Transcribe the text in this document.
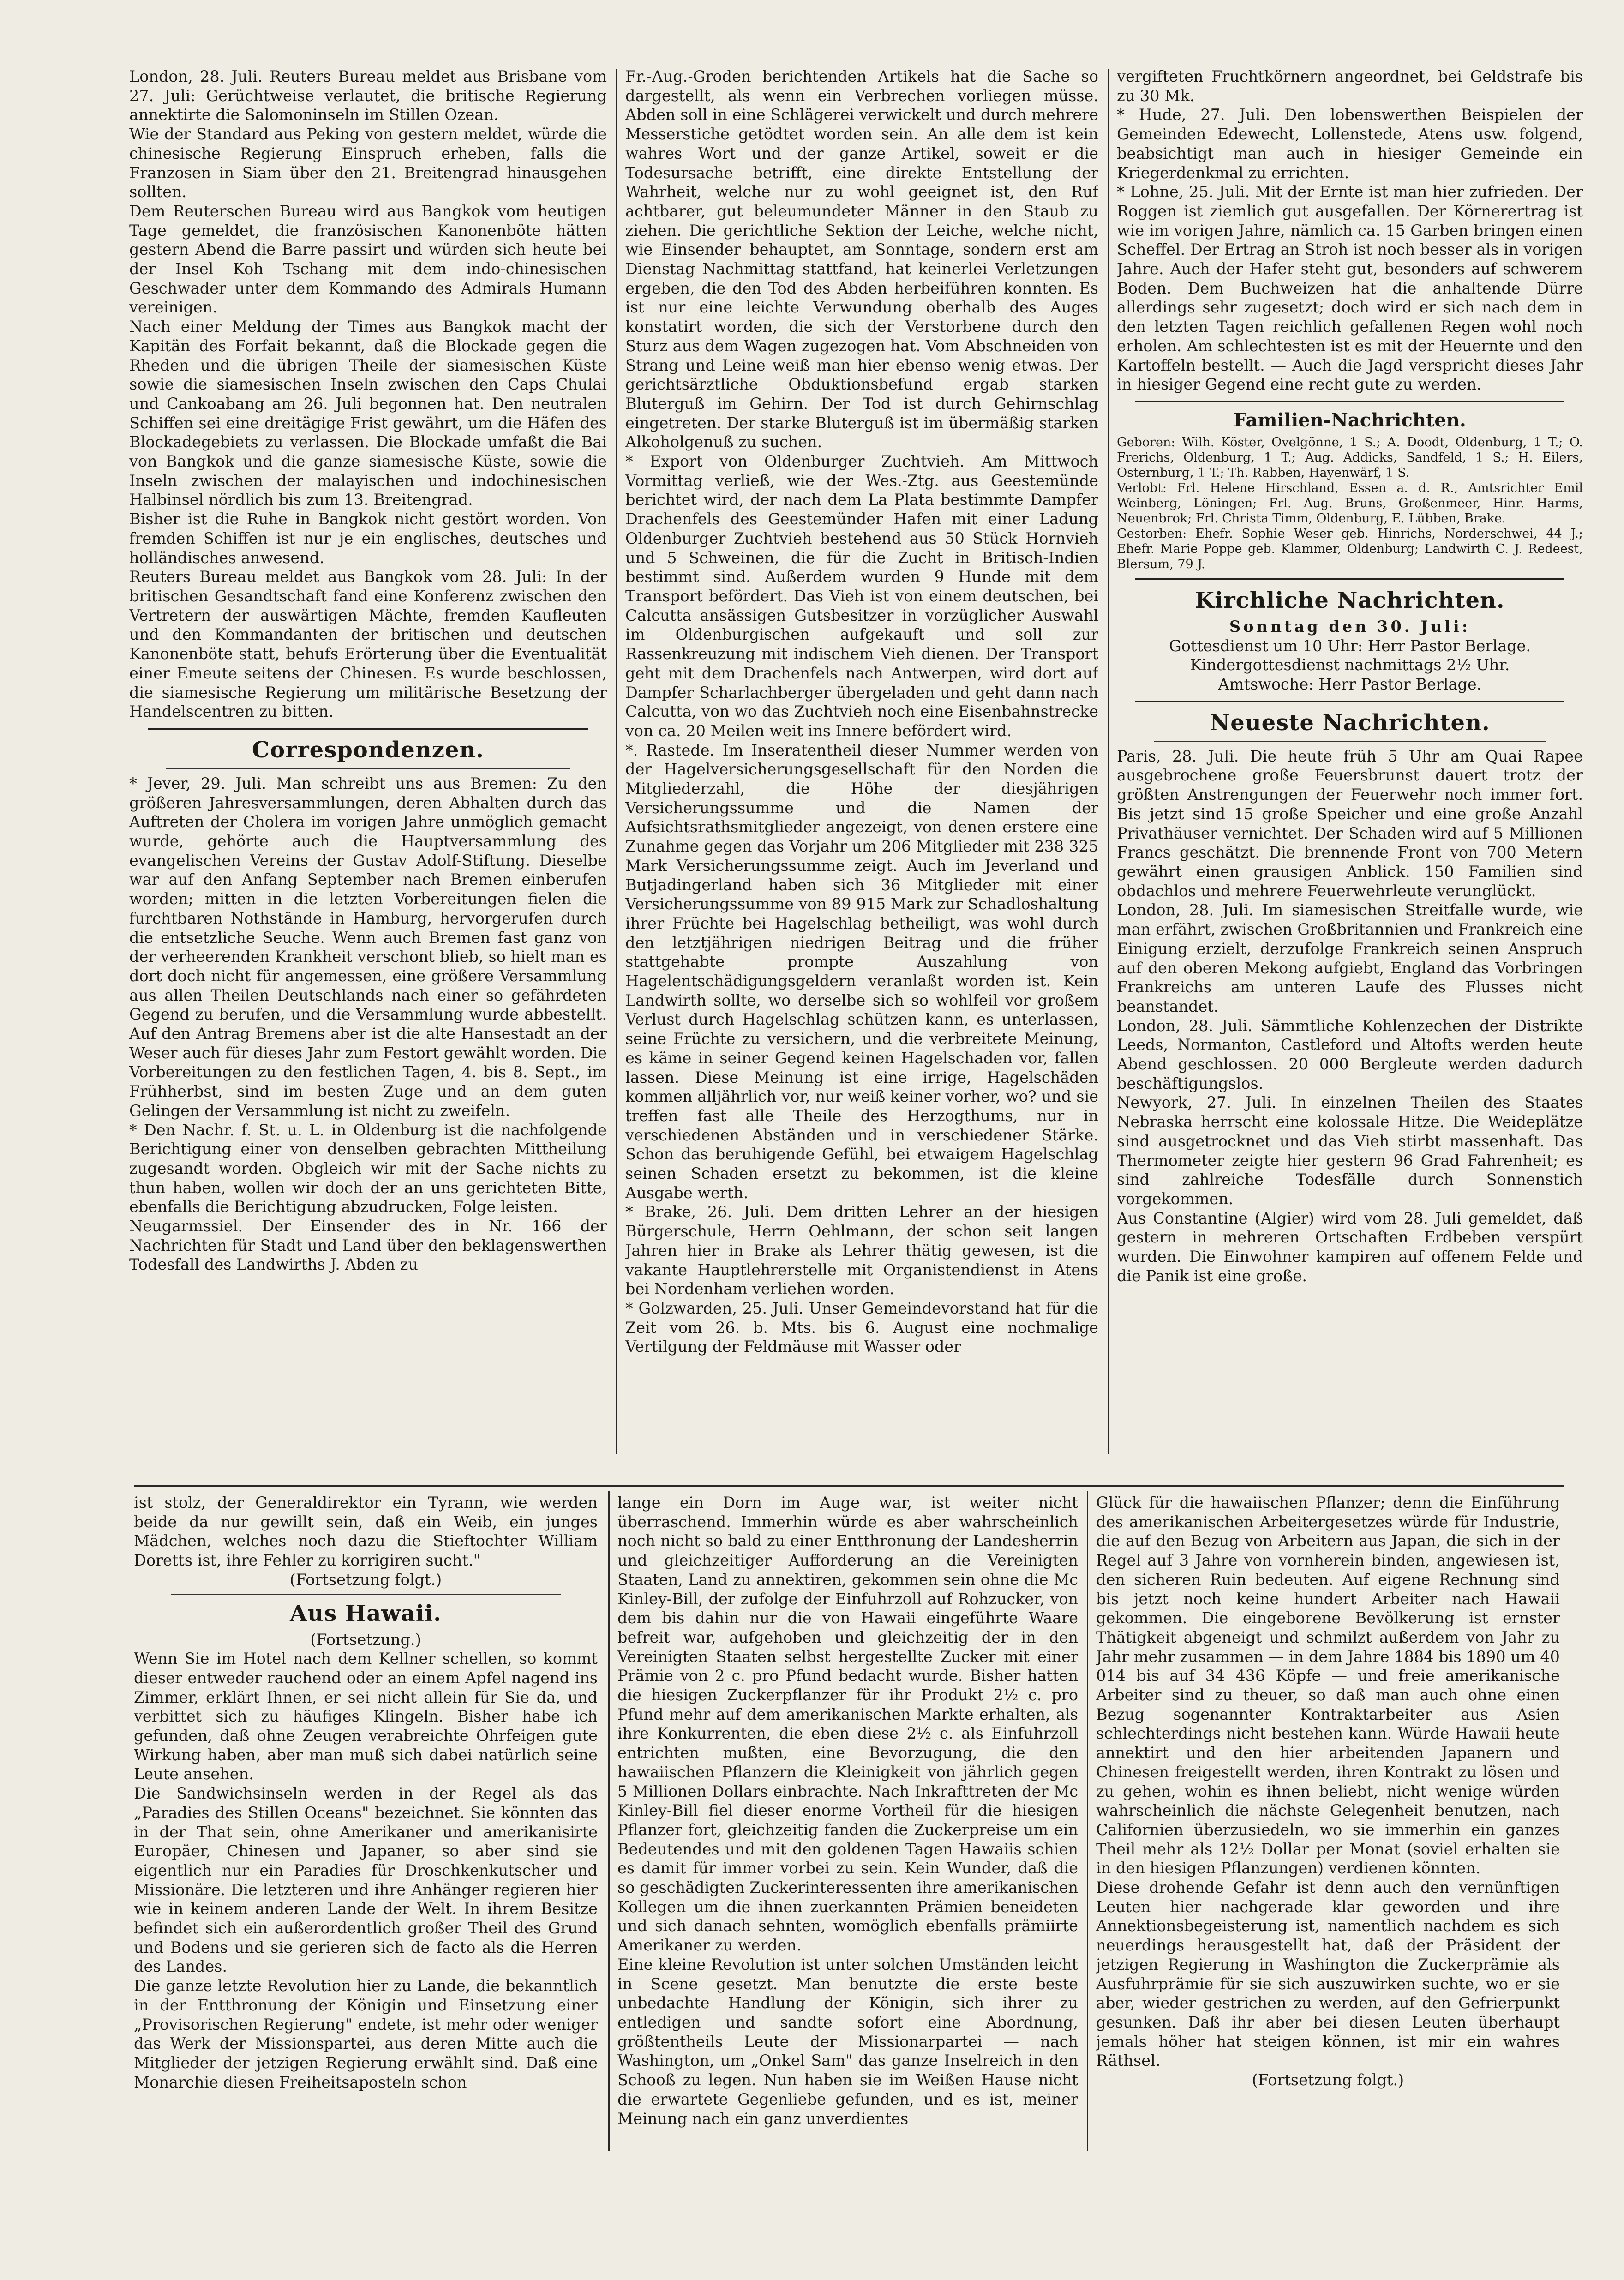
London, 28. Juli. Reuters Bureau meldet aus Brisbane vom 27. Juli: Gerüchtweise verlautet, die britische Regierung annektirte die Salomoninseln im Stillen Ozean.

Wie der Standard aus Peking von gestern meldet, würde die chinesische Regierung Einspruch erheben, falls die Franzosen in Siam über den 21. Breitengrad hinausgehen sollten.

Dem Reuterschen Bureau wird aus Bangkok vom heutigen Tage gemeldet, die französischen Kanonenböte hätten gestern Abend die Barre passirt und würden sich heute bei der Insel Koh Tschang mit dem indo-chinesischen Geschwader unter dem Kommando des Admirals Humann vereinigen.

Nach einer Meldung der Times aus Bangkok macht der Kapitän des Forfait bekannt, daß die Blockade gegen die Rheden und die übrigen Theile der siamesischen Küste sowie die siamesischen Inseln zwischen den Caps Chulai und Cankoabang am 26. Juli begonnen hat. Den neutralen Schiffen sei eine dreitägige Frist gewährt, um die Häfen des Blockadegebiets zu verlassen. Die Blockade umfaßt die Bai von Bangkok und die ganze siamesische Küste, sowie die Inseln zwischen der malayischen und indochinesischen Halbinsel nördlich bis zum 13. Breitengrad.

Bisher ist die Ruhe in Bangkok nicht gestört worden. Von fremden Schiffen ist nur je ein englisches, deutsches und holländisches anwesend.

Reuters Bureau meldet aus Bangkok vom 28. Juli: In der britischen Gesandtschaft fand eine Konferenz zwischen den Vertretern der auswärtigen Mächte, fremden Kaufleuten und den Kommandanten der britischen und deutschen Kanonenböte statt, behufs Erörterung über die Eventualität einer Emeute seitens der Chinesen. Es wurde beschlossen, die siamesische Regierung um militärische Besetzung der Handelscentren zu bitten.

Correspondenzen.

* Jever, 29. Juli. Man schreibt uns aus Bremen: Zu den größeren Jahresversammlungen, deren Abhalten durch das Auftreten der Cholera im vorigen Jahre unmöglich gemacht wurde, gehörte auch die Hauptversammlung des evangelischen Vereins der Gustav Adolf-Stiftung. Dieselbe war auf den Anfang September nach Bremen einberufen worden; mitten in die letzten Vorbereitungen fielen die furchtbaren Nothstände in Hamburg, hervorgerufen durch die entsetzliche Seuche. Wenn auch Bremen fast ganz von der verheerenden Krankheit verschont blieb, so hielt man es dort doch nicht für angemessen, eine größere Versammlung aus allen Theilen Deutschlands nach einer so gefährdeten Gegend zu berufen, und die Versammlung wurde abbestellt. Auf den Antrag Bremens aber ist die alte Hansestadt an der Weser auch für dieses Jahr zum Festort gewählt worden. Die Vorbereitungen zu den festlichen Tagen, 4. bis 8. Sept., im Frühherbst, sind im besten Zuge und an dem guten Gelingen der Versammlung ist nicht zu zweifeln.

* Den Nachr. f. St. u. L. in Oldenburg ist die nachfolgende Berichtigung einer von denselben gebrachten Mittheilung zugesandt worden. Obgleich wir mit der Sache nichts zu thun haben, wollen wir doch der an uns gerichteten Bitte, ebenfalls die Berichtigung abzudrucken, Folge leisten.

Neugarmssiel. Der Einsender des in Nr. 166 der Nachrichten für Stadt und Land über den beklagenswerthen Todesfall des Landwirths J. Abden zu

Fr.-Aug.-Groden berichtenden Artikels hat die Sache so dargestellt, als wenn ein Verbrechen vorliegen müsse. Abden soll in eine Schlägerei verwickelt und durch mehrere Messerstiche getödtet worden sein. An alle dem ist kein wahres Wort und der ganze Artikel, soweit er die Todesursache betrifft, eine direkte Entstellung der Wahrheit, welche nur zu wohl geeignet ist, den Ruf achtbarer, gut beleumundeter Männer in den Staub zu ziehen. Die gerichtliche Sektion der Leiche, welche nicht, wie Einsender behauptet, am Sonntage, sondern erst am Dienstag Nachmittag stattfand, hat keinerlei Verletzungen ergeben, die den Tod des Abden herbeiführen konnten. Es ist nur eine leichte Verwundung oberhalb des Auges konstatirt worden, die sich der Verstorbene durch den Sturz aus dem Wagen zugezogen hat. Vom Abschneiden von Strang und Leine weiß man hier ebenso wenig etwas. Der gerichtsärztliche Obduktionsbefund ergab starken Bluterguß im Gehirn. Der Tod ist durch Gehirnschlag eingetreten. Der starke Bluterguß ist im übermäßig starken Alkoholgenuß zu suchen.

* Export von Oldenburger Zuchtvieh. Am Mittwoch Vormittag verließ, wie der Wes.-Ztg. aus Geestemünde berichtet wird, der nach dem La Plata bestimmte Dampfer Drachenfels des Geestemünder Hafen mit einer Ladung Oldenburger Zuchtvieh bestehend aus 50 Stück Hornvieh und 5 Schweinen, die für die Zucht in Britisch-Indien bestimmt sind. Außerdem wurden 9 Hunde mit dem Transport befördert. Das Vieh ist von einem deutschen, bei Calcutta ansässigen Gutsbesitzer in vorzüglicher Auswahl im Oldenburgischen aufgekauft und soll zur Rassenkreuzung mit indischem Vieh dienen. Der Transport geht mit dem Drachenfels nach Antwerpen, wird dort auf Dampfer Scharlachberger übergeladen und geht dann nach Calcutta, von wo das Zuchtvieh noch eine Eisenbahnstrecke von ca. 20 Meilen weit ins Innere befördert wird.

*. Rastede. Im Inseratentheil dieser Nummer werden von der Hagelversicherungsgesellschaft für den Norden die Mitgliederzahl, die Höhe der diesjährigen Versicherungssumme und die Namen der Aufsichtsrathsmitglieder angezeigt, von denen erstere eine Zunahme gegen das Vorjahr um 206 Mitglieder mit 238 325 Mark Versicherungssumme zeigt. Auch im Jeverland und Butjadingerland haben sich 36 Mitglieder mit einer Versicherungssumme von 89 915 Mark zur Schadloshaltung ihrer Früchte bei Hagelschlag betheiligt, was wohl durch den letztjährigen niedrigen Beitrag und die früher stattgehabte prompte Auszahlung von Hagelentschädigungsgeldern veranlaßt worden ist. Kein Landwirth sollte, wo derselbe sich so wohlfeil vor großem Verlust durch Hagelschlag schützen kann, es unterlassen, seine Früchte zu versichern, und die verbreitete Meinung, es käme in seiner Gegend keinen Hagelschaden vor, fallen lassen. Diese Meinung ist eine irrige, Hagelschäden kommen alljährlich vor, nur weiß keiner vorher, wo? und sie treffen fast alle Theile des Herzogthums, nur in verschiedenen Abständen und in verschiedener Stärke. Schon das beruhigende Gefühl, bei etwaigem Hagelschlag seinen Schaden ersetzt zu bekommen, ist die kleine Ausgabe werth.

* Brake, 26. Juli. Dem dritten Lehrer an der hiesigen Bürgerschule, Herrn Oehlmann, der schon seit langen Jahren hier in Brake als Lehrer thätig gewesen, ist die vakante Hauptlehrerstelle mit Organistendienst in Atens bei Nordenham verliehen worden.

* Golzwarden, 25. Juli. Unser Gemeindevorstand hat für die Zeit vom 26. b. Mts. bis 6. August eine nochmalige Vertilgung der Feldmäuse mit Wasser oder

vergifteten Fruchtkörnern angeordnet, bei Geldstrafe bis zu 30 Mk.

* Hude, 27. Juli. Den lobenswerthen Beispielen der Gemeinden Edewecht, Lollenstede, Atens usw. folgend, beabsichtigt man auch in hiesiger Gemeinde ein Kriegerdenkmal zu errichten.

* Lohne, 25. Juli. Mit der Ernte ist man hier zufrieden. Der Roggen ist ziemlich gut ausgefallen. Der Körnerertrag ist wie im vorigen Jahre, nämlich ca. 15 Garben bringen einen Scheffel. Der Ertrag an Stroh ist noch besser als in vorigen Jahre. Auch der Hafer steht gut, besonders auf schwerem Boden. Dem Buchweizen hat die anhaltende Dürre allerdings sehr zugesetzt; doch wird er sich nach dem in den letzten Tagen reichlich gefallenen Regen wohl noch erholen. Am schlechtesten ist es mit der Heuernte und den Kartoffeln bestellt. — Auch die Jagd verspricht dieses Jahr in hiesiger Gegend eine recht gute zu werden.

Familien-Nachrichten.

Geboren: Wilh. Köster, Ovelgönne, 1 S.; A. Doodt, Oldenburg, 1 T.; O. Frerichs, Oldenburg, 1 T.; Aug. Addicks, Sandfeld, 1 S.; H. Eilers, Osternburg, 1 T.; Th. Rabben, Hayenwärf, 1 S.

Verlobt: Frl. Helene Hirschland, Essen a. d. R., Amtsrichter Emil Weinberg, Löningen; Frl. Aug. Bruns, Großenmeer, Hinr. Harms, Neuenbrok; Frl. Christa Timm, Oldenburg, E. Lübben, Brake.

Gestorben: Ehefr. Sophie Weser geb. Hinrichs, Norderschwei, 44 J.; Ehefr. Marie Poppe geb. Klammer, Oldenburg; Landwirth C. J. Redeest, Blersum, 79 J.

Kirchliche Nachrichten.

Sonntag den 30. Juli:

Gottesdienst um 10 Uhr: Herr Pastor Berlage.

Kindergottesdienst nachmittags 2½ Uhr.

Amtswoche: Herr Pastor Berlage.

Neueste Nachrichten.

Paris, 28. Juli. Die heute früh 5 Uhr am Quai Rapee ausgebrochene große Feuersbrunst dauert trotz der größten Anstrengungen der Feuerwehr noch immer fort. Bis jetzt sind 15 große Speicher und eine große Anzahl Privathäuser vernichtet. Der Schaden wird auf 5 Millionen Francs geschätzt. Die brennende Front von 700 Metern gewährt einen grausigen Anblick. 150 Familien sind obdachlos und mehrere Feuerwehrleute verunglückt.

London, 28. Juli. Im siamesischen Streitfalle wurde, wie man erfährt, zwischen Großbritannien und Frankreich eine Einigung erzielt, derzufolge Frankreich seinen Anspruch auf den oberen Mekong aufgiebt, England das Vorbringen Frankreichs am unteren Laufe des Flusses nicht beanstandet.

London, 28. Juli. Sämmtliche Kohlenzechen der Distrikte Leeds, Normanton, Castleford und Altofts werden heute Abend geschlossen. 20 000 Bergleute werden dadurch beschäftigungslos.

Newyork, 27. Juli. In einzelnen Theilen des Staates Nebraska herrscht eine kolossale Hitze. Die Weideplätze sind ausgetrocknet und das Vieh stirbt massenhaft. Das Thermometer zeigte hier gestern 96 Grad Fahrenheit; es sind zahlreiche Todesfälle durch Sonnenstich vorgekommen.

Aus Constantine (Algier) wird vom 28. Juli gemeldet, daß gestern in mehreren Ortschaften Erdbeben verspürt wurden. Die Einwohner kampiren auf offenem Felde und die Panik ist eine große.

ist stolz, der Generaldirektor ein Tyrann, wie werden beide da nur gewillt sein, daß ein Weib, ein junges Mädchen, welches noch dazu die Stieftochter William Doretts ist, ihre Fehler zu korrigiren sucht."

(Fortsetzung folgt.)

Aus Hawaii.

(Fortsetzung.)

Wenn Sie im Hotel nach dem Kellner schellen, so kommt dieser entweder rauchend oder an einem Apfel nagend ins Zimmer, erklärt Ihnen, er sei nicht allein für Sie da, und verbittet sich zu häufiges Klingeln. Bisher habe ich gefunden, daß ohne Zeugen verabreichte Ohrfeigen gute Wirkung haben, aber man muß sich dabei natürlich seine Leute ansehen.

Die Sandwichsinseln werden in der Regel als das „Paradies des Stillen Oceans" bezeichnet. Sie könnten das in der That sein, ohne Amerikaner und amerikanisirte Europäer, Chinesen und Japaner, so aber sind sie eigentlich nur ein Paradies für Droschkenkutscher und Missionäre. Die letzteren und ihre Anhänger regieren hier wie in keinem anderen Lande der Welt. In ihrem Besitze befindet sich ein außerordentlich großer Theil des Grund und Bodens und sie gerieren sich de facto als die Herren des Landes.

Die ganze letzte Revolution hier zu Lande, die bekanntlich in der Entthronung der Königin und Einsetzung einer „Provisorischen Regierung" endete, ist mehr oder weniger das Werk der Missionspartei, aus deren Mitte auch die Mitglieder der jetzigen Regierung erwählt sind. Daß eine Monarchie diesen Freiheitsaposteln schon

lange ein Dorn im Auge war, ist weiter nicht überraschend. Immerhin würde es aber wahrscheinlich noch nicht so bald zu einer Entthronung der Landesherrin und gleichzeitiger Aufforderung an die Vereinigten Staaten, Land zu annektiren, gekommen sein ohne die Mc Kinley-Bill, der zufolge der Einfuhrzoll auf Rohzucker, von dem bis dahin nur die von Hawaii eingeführte Waare befreit war, aufgehoben und gleichzeitig der in den Vereinigten Staaten selbst hergestellte Zucker mit einer Prämie von 2 c. pro Pfund bedacht wurde. Bisher hatten die hiesigen Zuckerpflanzer für ihr Produkt 2½ c. pro Pfund mehr auf dem amerikanischen Markte erhalten, als ihre Konkurrenten, die eben diese 2½ c. als Einfuhrzoll entrichten mußten, eine Bevorzugung, die den hawaiischen Pflanzern die Kleinigkeit von jährlich gegen 5 Millionen Dollars einbrachte. Nach Inkrafttreten der Mc Kinley-Bill fiel dieser enorme Vortheil für die hiesigen Pflanzer fort, gleichzeitig fanden die Zuckerpreise um ein Bedeutendes und mit den goldenen Tagen Hawaiis schien es damit für immer vorbei zu sein. Kein Wunder, daß die so geschädigten Zuckerinteressenten ihre amerikanischen Kollegen um die ihnen zuerkannten Prämien beneideten und sich danach sehnten, womöglich ebenfalls prämiirte Amerikaner zu werden.

Eine kleine Revolution ist unter solchen Umständen leicht in Scene gesetzt. Man benutzte die erste beste unbedachte Handlung der Königin, sich ihrer zu entledigen und sandte sofort eine Abordnung, größtentheils Leute der Missionarpartei — nach Washington, um „Onkel Sam" das ganze Inselreich in den Schooß zu legen. Nun haben sie im Weißen Hause nicht die erwartete Gegenliebe gefunden, und es ist, meiner Meinung nach ein ganz unverdientes

Glück für die hawaiischen Pflanzer; denn die Einführung des amerikanischen Arbeitergesetzes würde für Industrie, die auf den Bezug von Arbeitern aus Japan, die sich in der Regel auf 3 Jahre von vornherein binden, angewiesen ist, den sicheren Ruin bedeuten. Auf eigene Rechnung sind bis jetzt noch keine hundert Arbeiter nach Hawaii gekommen. Die eingeborene Bevölkerung ist ernster Thätigkeit abgeneigt und schmilzt außerdem von Jahr zu Jahr mehr zusammen — in dem Jahre 1884 bis 1890 um 40 014 bis auf 34 436 Köpfe — und freie amerikanische Arbeiter sind zu theuer, so daß man auch ohne einen Bezug sogenannter Kontraktarbeiter aus Asien schlechterdings nicht bestehen kann. Würde Hawaii heute annektirt und den hier arbeitenden Japanern und Chinesen freigestellt werden, ihren Kontrakt zu lösen und zu gehen, wohin es ihnen beliebt, nicht wenige würden wahrscheinlich die nächste Gelegenheit benutzen, nach Californien überzusiedeln, wo sie immerhin ein ganzes Theil mehr als 12½ Dollar per Monat (soviel erhalten sie in den hiesigen Pflanzungen) verdienen könnten.

Diese drohende Gefahr ist denn auch den vernünftigen Leuten hier nachgerade klar geworden und ihre Annektionsbegeisterung ist, namentlich nachdem es sich neuerdings herausgestellt hat, daß der Präsident der jetzigen Regierung in Washington die Zuckerprämie als Ausfuhrprämie für sie sich auszuwirken suchte, wo er sie aber, wieder gestrichen zu werden, auf den Gefrierpunkt gesunken. Daß ihr aber bei diesen Leuten überhaupt jemals höher hat steigen können, ist mir ein wahres Räthsel.

(Fortsetzung folgt.)
